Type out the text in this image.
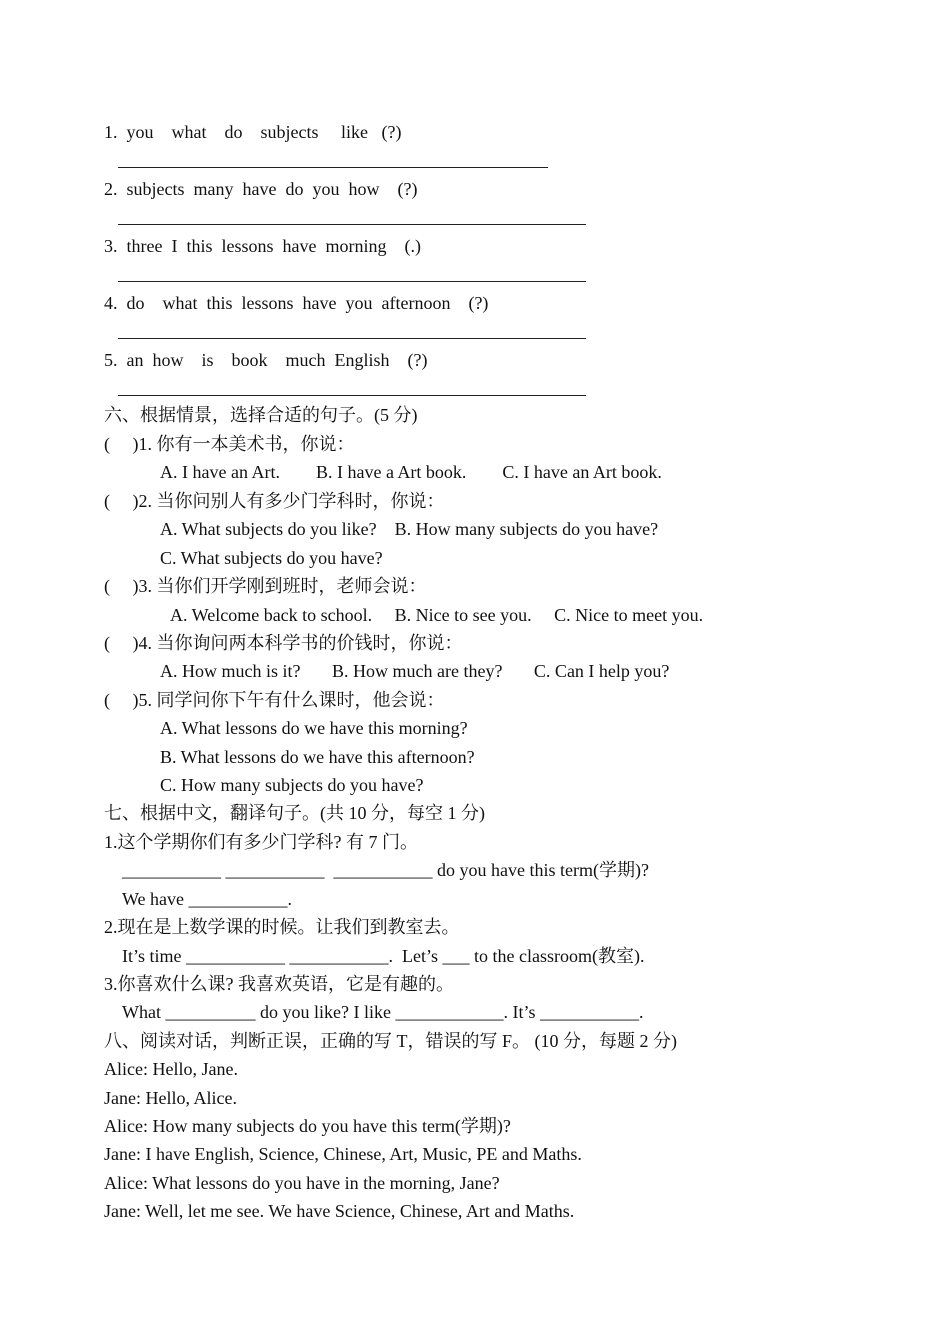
1.  you    what    do    subjects     like   (?)
2.  subjects  many  have  do  you  how    (?)
3.  three  I  this  lessons  have  morning    (.)
4.  do    what  this  lessons  have  you  afternoon    (?)
5.  an  how    is    book    much  English    (?)
六、根据情景，选择合适的句子。(5 分)
(     )1. 你有一本美术书，你说：
A. I have an Art.        B. I have a Art book.        C. I have an Art book.
(     )2. 当你问别人有多少门学科时，你说：
A. What subjects do you like?    B. How many subjects do you have?
C. What subjects do you have?
(     )3. 当你们开学刚到班时，老师会说：
A. Welcome back to school.     B. Nice to see you.     C. Nice to meet you.
(     )4. 当你询问两本科学书的价钱时，你说：
A. How much is it?       B. How much are they?       C. Can I help you?
(     )5. 同学问你下午有什么课时，他会说：
A. What lessons do we have this morning?
B. What lessons do we have this afternoon?
C. How many subjects do you have?
七、根据中文，翻译句子。(共 10 分，每空 1 分)
1.这个学期你们有多少门学科? 有 7 门。
___________ ___________  ___________ do you have this term(学期)?
We have ___________.
2.现在是上数学课的时候。让我们到教室去。
It’s time ___________ ___________.  Let’s ___ to the classroom(教室).
3.你喜欢什么课? 我喜欢英语，它是有趣的。
What __________ do you like? I like ____________. It’s ___________.
八、阅读对话，判断正误，正确的写 T，错误的写 F。 (10 分，每题 2 分)
Alice: Hello, Jane.
Jane: Hello, Alice.
Alice: How many subjects do you have this term(学期)?
Jane: I have English, Science, Chinese, Art, Music, PE and Maths.
Alice: What lessons do you have in the morning, Jane?
Jane: Well, let me see. We have Science, Chinese, Art and Maths.
